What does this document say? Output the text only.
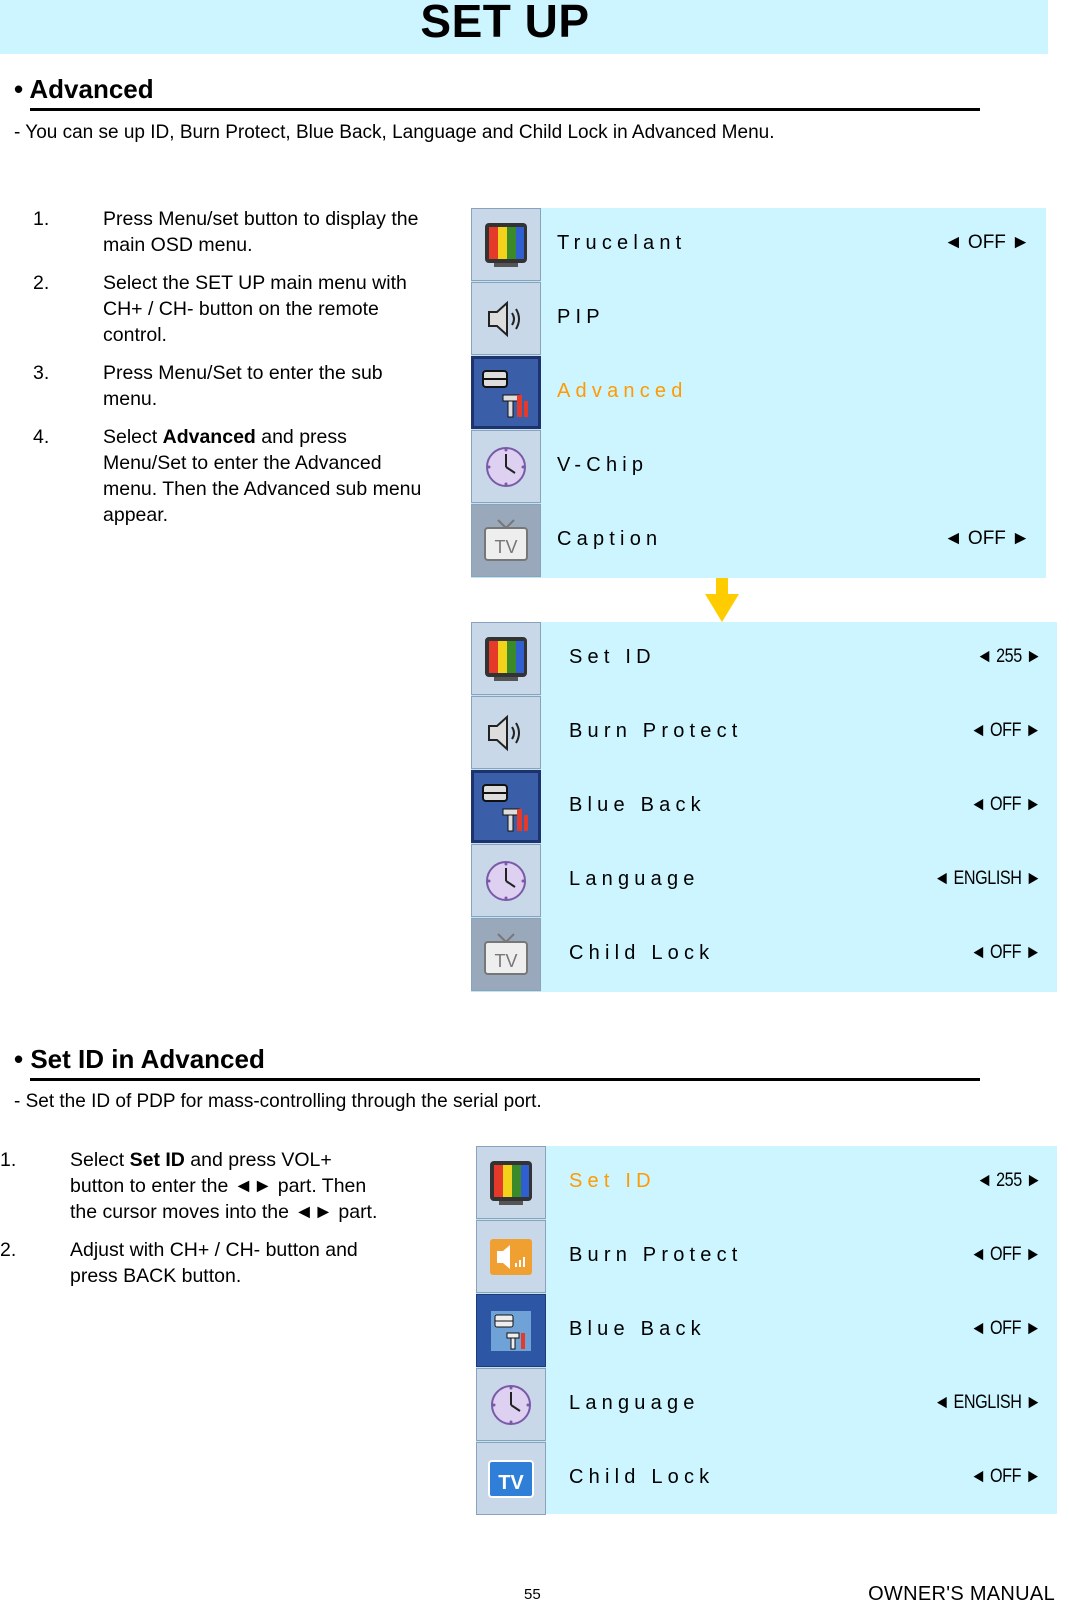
SET UP
• Advanced
- You can se up ID, Burn Protect, Blue Back, Language and Child Lock in Advanced Menu.
1.	Press Menu/set button to display the main OSD menu.
2.	Select the SET UP main menu with CH+ / CH- button on the remote control.
3.	Press Menu/Set to enter the sub menu.
4.	Select Advanced and press Menu/Set to enter the Advanced menu. Then the Advanced sub menu appear.
Trucelant	◄ OFF ►
PIP
Advanced
V-Chip
TV Caption	◄ OFF ►
Set ID	◄ 255 ►
Burn Protect	◄ OFF ►
Blue Back	◄ OFF ►
Language	◄ ENGLISH ►
TV	Child Lock	◄ OFF ►
• Set ID in Advanced
- Set the ID of PDP for mass-controlling through the serial port.
1.	Select Set ID and press VOL+ button to enter the ◄► part. Then the cursor moves into the ◄► part.
2.	Adjust with CH+ / CH- button and press BACK button.
Set ID	◄ 255 ►
Burn Protect	◄ OFF ►
Blue Back	◄ OFF ►
Language	◄ ENGLISH ►
TV Child Lock	◄ OFF ►
55	OWNER'S MANUAL
